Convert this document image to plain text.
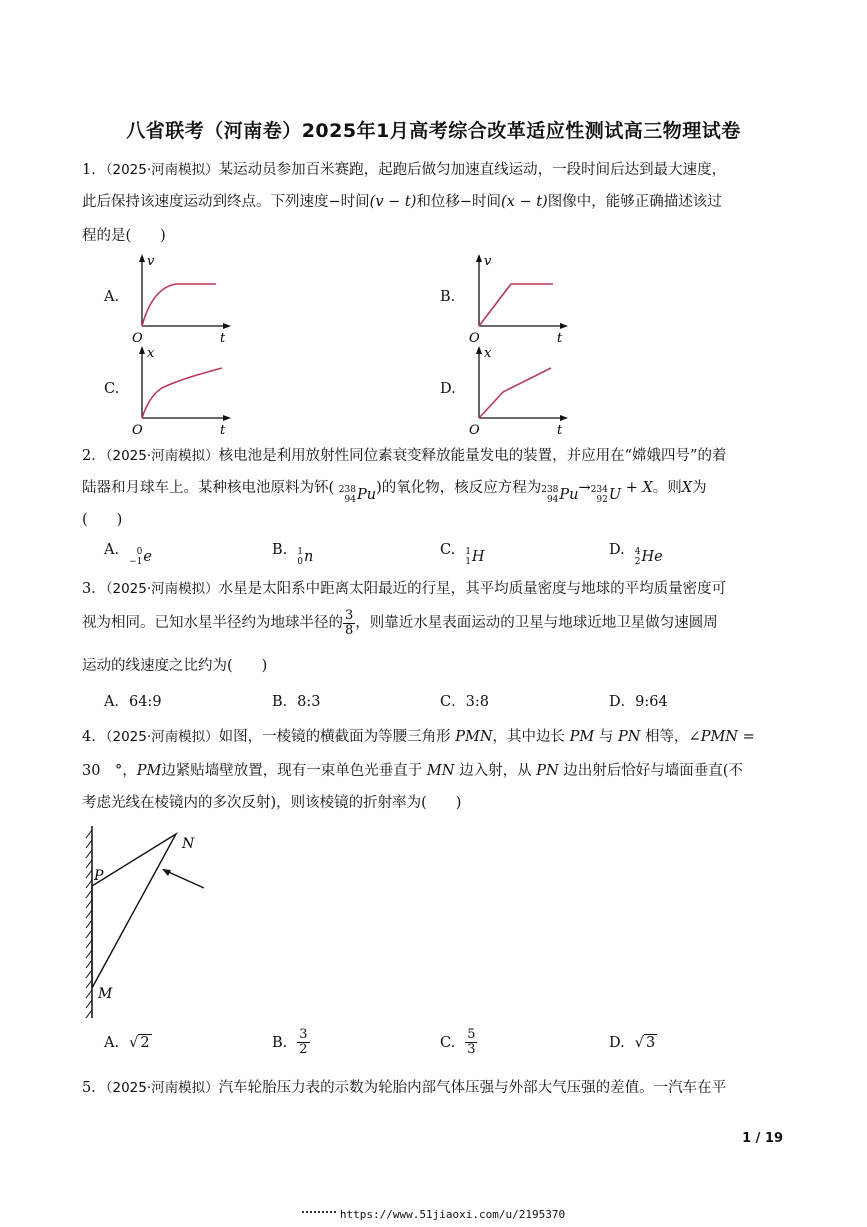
八省联考（河南卷）2025年1月高考综合改革适应性测试高三物理试卷
1．（2025·河南模拟）某运动员参加百米赛跑，起跑后做匀加速直线运动，一段时间后达到最大速度，
此后保持该速度运动到终点。下列速度−时间(v − t)和位移−时间(x − t)图像中，能够正确描述该过
程的是(　　)
A.
v
t
O
B.
v
t
O
C.
x
t
O
D.
x
t
O
2．（2025·河南模拟）核电池是利用放射性同位素衰变释放能量发电的装置，并应用在“嫦娥四号”的着
陆器和月球车上。某种核电池原料为钚( 238
94 Pu )的氧化物，核反应方程为 238
94 Pu → 234
92 U + X。则X为
(　　)
A.	0
−1 e	B. 1
0 n	C. 1
1 H	D. 4
2 He
3．（2025·河南模拟）水星是太阳系中距离太阳最近的行星，其平均质量密度与地球的平均质量密度可
视为相同。已知水星半径约为地球半径的 $\frac{3}{8}$ ，则靠近水星表面运动的卫星与地球近地卫星做匀速圆周
运动的线速度之比约为(　　)
A．64:9	B．8:3	C．3:8	D．9:64
4．（2025·河南模拟）如图，一棱镜的横截面为等腰三角形 PMN，其中边长 PM 与 PN 相等，∠PMN =
30　°，PM边紧贴墙壁放置，现有一束单色光垂直于 MN 边入射，从 PN 边出射后恰好与墙面垂直(不
考虑光线在棱镜内的多次反射)，则该棱镜的折射率为(　　)
N
P
M
A. √ 2	B. $\frac{3}{2}$	C. $\frac{5}{3}$	D. √ 3
5．（2025·河南模拟）汽车轮胎压力表的示数为轮胎内部气体压强与外部大气压强的差值。一汽车在平
1 / 19
https://www.51jiaoxi.com/u/2195370
